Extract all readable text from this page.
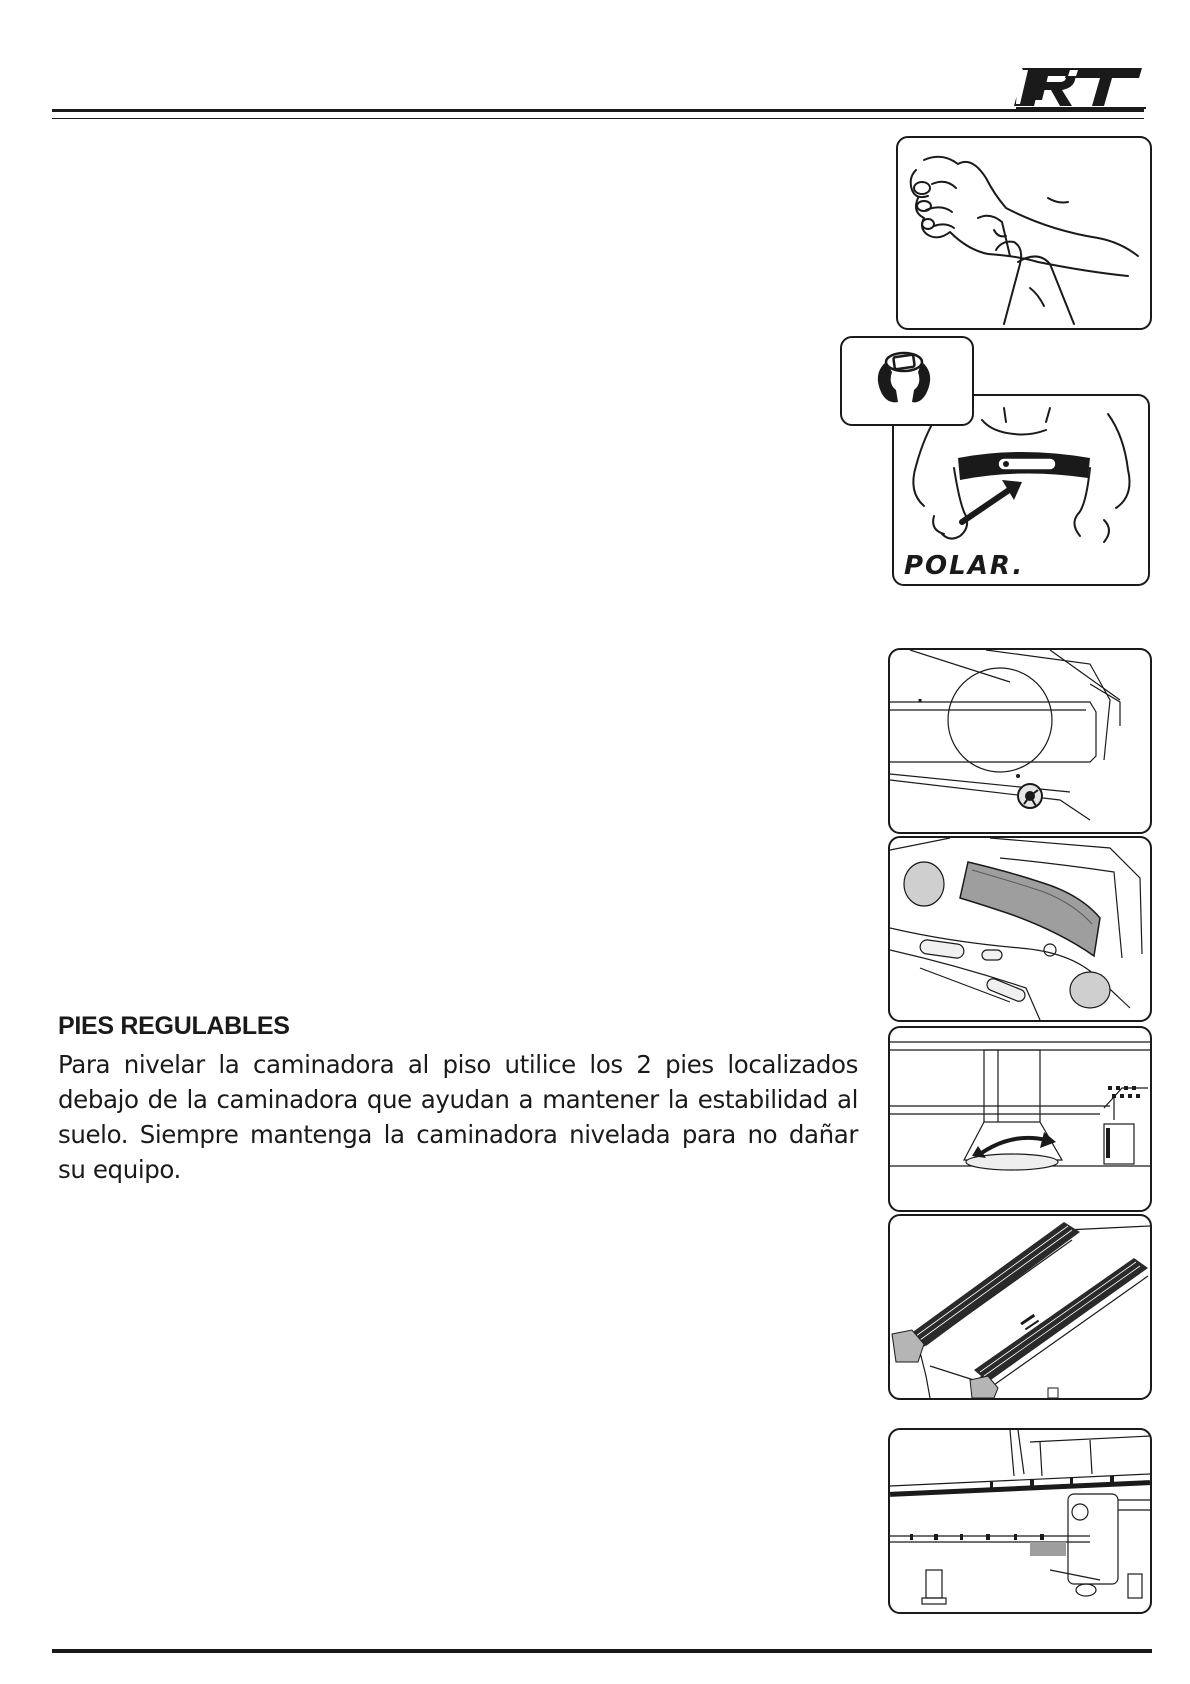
POLAR.
▪
PIES REGULABLES

Para nivelar la caminadora al piso utilice los 2 pies localizados debajo de la caminadora que ayudan a mantener la estabilidad al suelo. Siempre mantenga la caminadora nivelada para no dañar su equipo.
